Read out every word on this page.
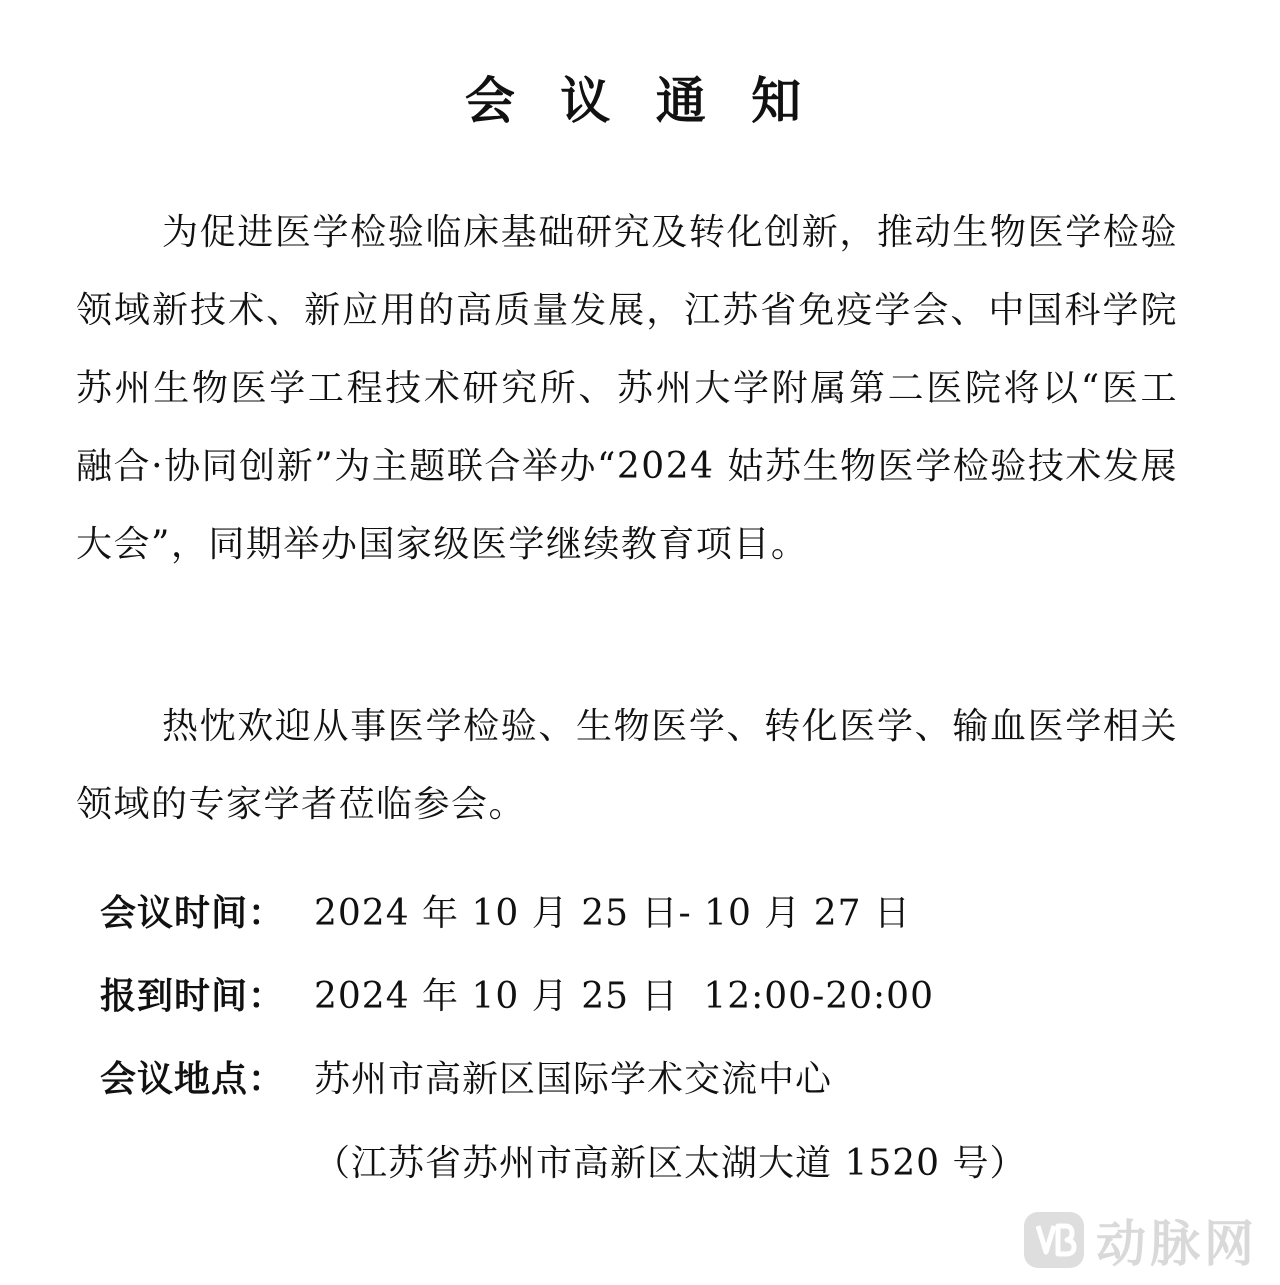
会 议 通 知

为促进医学检验临床基础研究及转化创新，推动生物医学检验领域新技术、新应用的高质量发展，江苏省免疫学会、中国科学院苏州生物医学工程技术研究所、苏州大学附属第二医院将以“医工融合·协同创新”为主题联合举办“2024 姑苏生物医学检验技术发展大会”，同期举办国家级医学继续教育项目。

热忱欢迎从事医学检验、生物医学、转化医学、输血医学相关领域的专家学者莅临参会。

会议时间： 2024 年 10 月 25 日- 10 月 27 日
报到时间： 2024 年 10 月 25 日  12:00-20:00
会议地点： 苏州市高新区国际学术交流中心
（江苏省苏州市高新区太湖大道 1520 号）
动脉网
